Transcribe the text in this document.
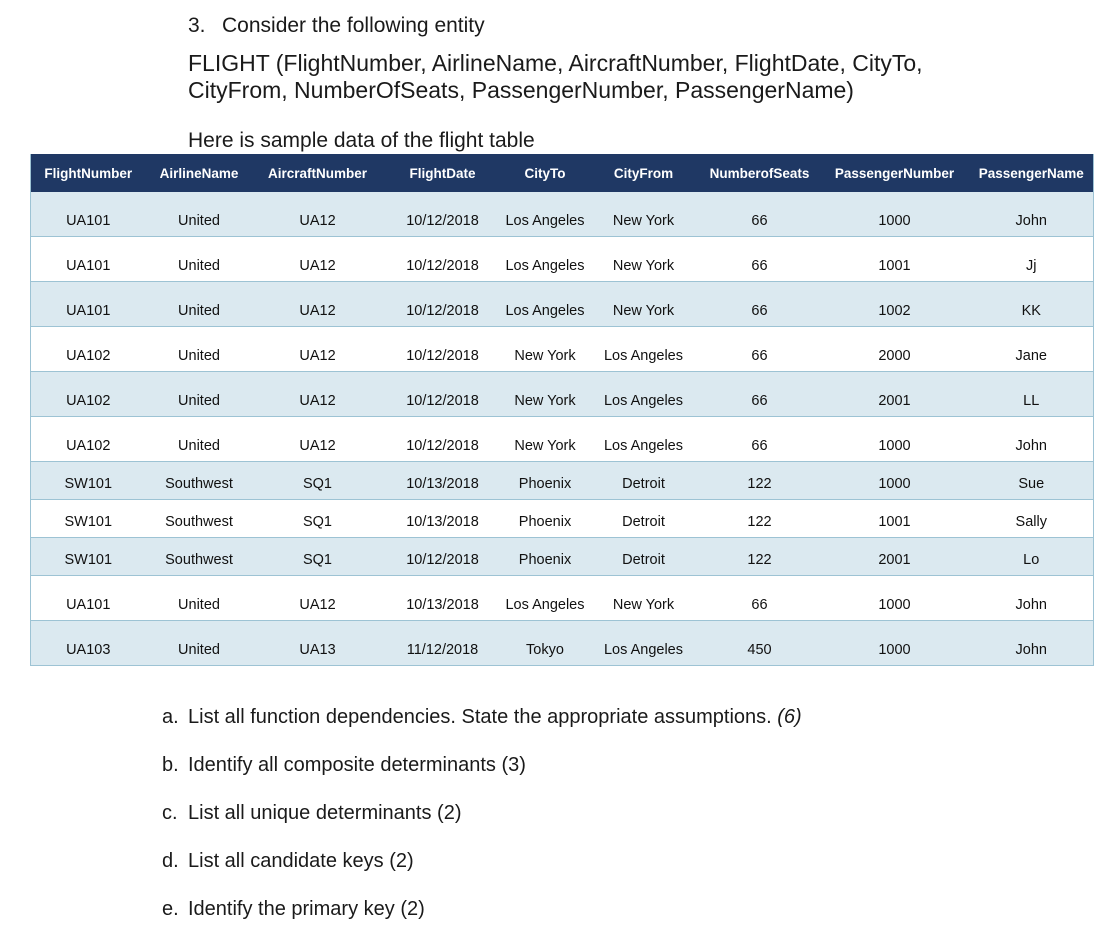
3. Consider the following entity

FLIGHT (FlightNumber, AirlineName, AircraftNumber, FlightDate, CityTo, CityFrom, NumberOfSeats, PassengerNumber, PassengerName)

Here is sample data of the flight table

FlightNumber	AirlineName	AircraftNumber	FlightDate	CityTo	CityFrom	NumberofSeats	PassengerNumber	PassengerName
UA101	United	UA12	10/12/2018	Los Angeles	New York	66	1000	John
UA101	United	UA12	10/12/2018	Los Angeles	New York	66	1001	Jj
UA101	United	UA12	10/12/2018	Los Angeles	New York	66	1002	KK
UA102	United	UA12	10/12/2018	New York	Los Angeles	66	2000	Jane
UA102	United	UA12	10/12/2018	New York	Los Angeles	66	2001	LL
UA102	United	UA12	10/12/2018	New York	Los Angeles	66	1000	John
SW101	Southwest	SQ1	10/13/2018	Phoenix	Detroit	122	1000	Sue
SW101	Southwest	SQ1	10/13/2018	Phoenix	Detroit	122	1001	Sally
SW101	Southwest	SQ1	10/12/2018	Phoenix	Detroit	122	2001	Lo
UA101	United	UA12	10/13/2018	Los Angeles	New York	66	1000	John
UA103	United	UA13	11/12/2018	Tokyo	Los Angeles	450	1000	John
a. List all function dependencies. State the appropriate assumptions. (6)
b. Identify all composite determinants (3)
c. List all unique determinants (2)
d. List all candidate keys (2)
e. Identify the primary key (2)
